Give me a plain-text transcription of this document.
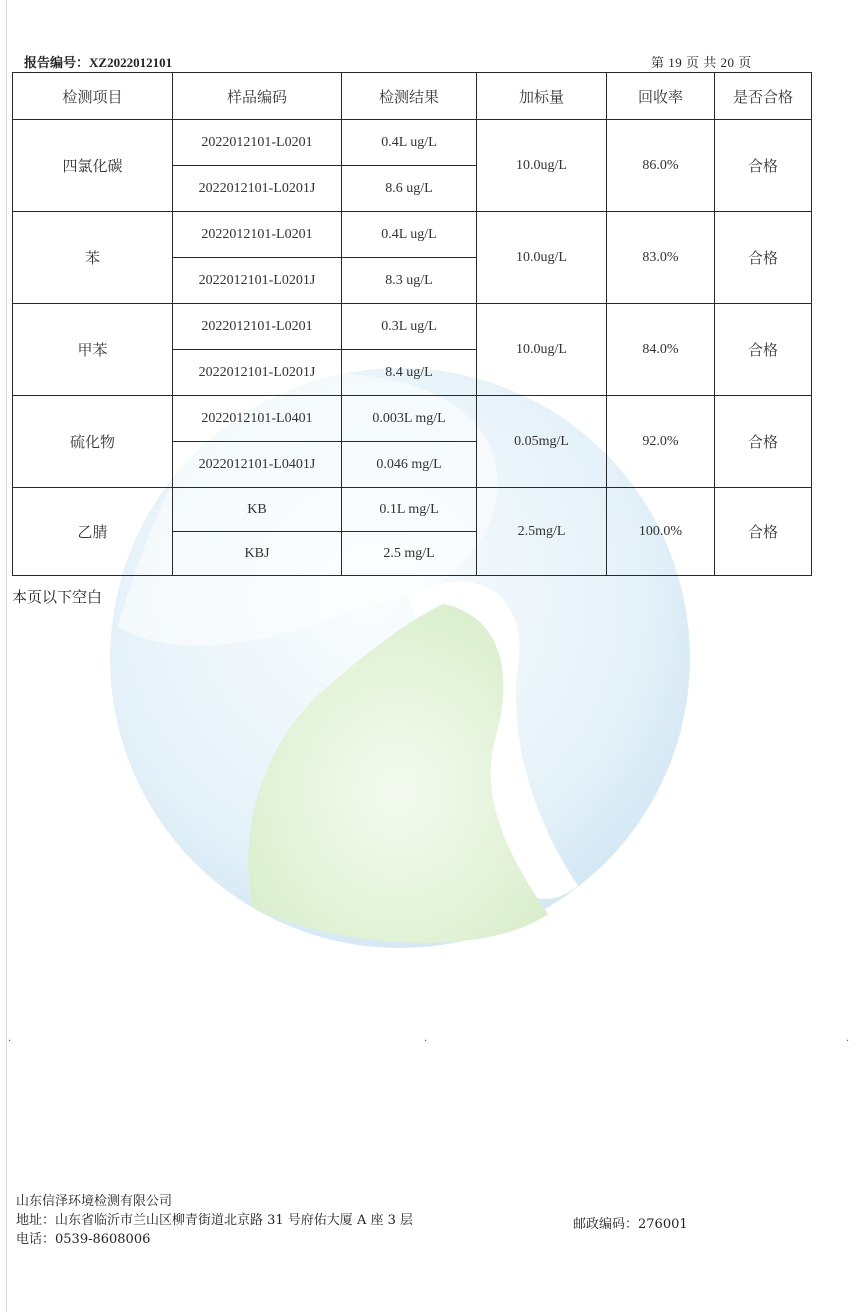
报告编号：XZ2022012101	第 19 页 共 20 页
检测项目	样品编码	检测结果	加标量	回收率	是否合格
四氯化碳	2022012101-L0201	0.4L ug/L	10.0ug/L	86.0%	合格
	2022012101-L0201J	8.6 ug/L			
苯	2022012101-L0201	0.4L ug/L	10.0ug/L	83.0%	合格
	2022012101-L0201J	8.3 ug/L			
甲苯	2022012101-L0201	0.3L ug/L	10.0ug/L	84.0%	合格
	2022012101-L0201J	8.4 ug/L			
硫化物	2022012101-L0401	0.003L mg/L	0.05mg/L	92.0%	合格
	2022012101-L0401J	0.046 mg/L			
乙腈	KB	0.1L mg/L	2.5mg/L	100.0%	合格
	KBJ	2.5 mg/L			
本页以下空白
·	·	·
山东信泽环境检测有限公司
地址：山东省临沂市兰山区柳青街道北京路 31 号府佑大厦 A 座 3 层
电话：0539-8608006
邮政编码：276001
